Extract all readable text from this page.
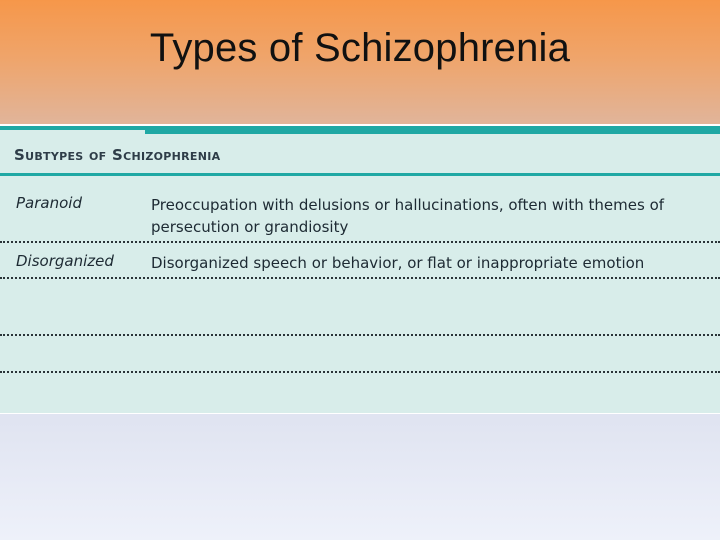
Types of Schizophrenia
Subtypes of Schizophrenia
Paranoid	Preoccupation with delusions or hallucinations, often with themes of persecution or grandiosity
Disorganized Disorganized speech or behavior, or flat or inappropriate emotion
